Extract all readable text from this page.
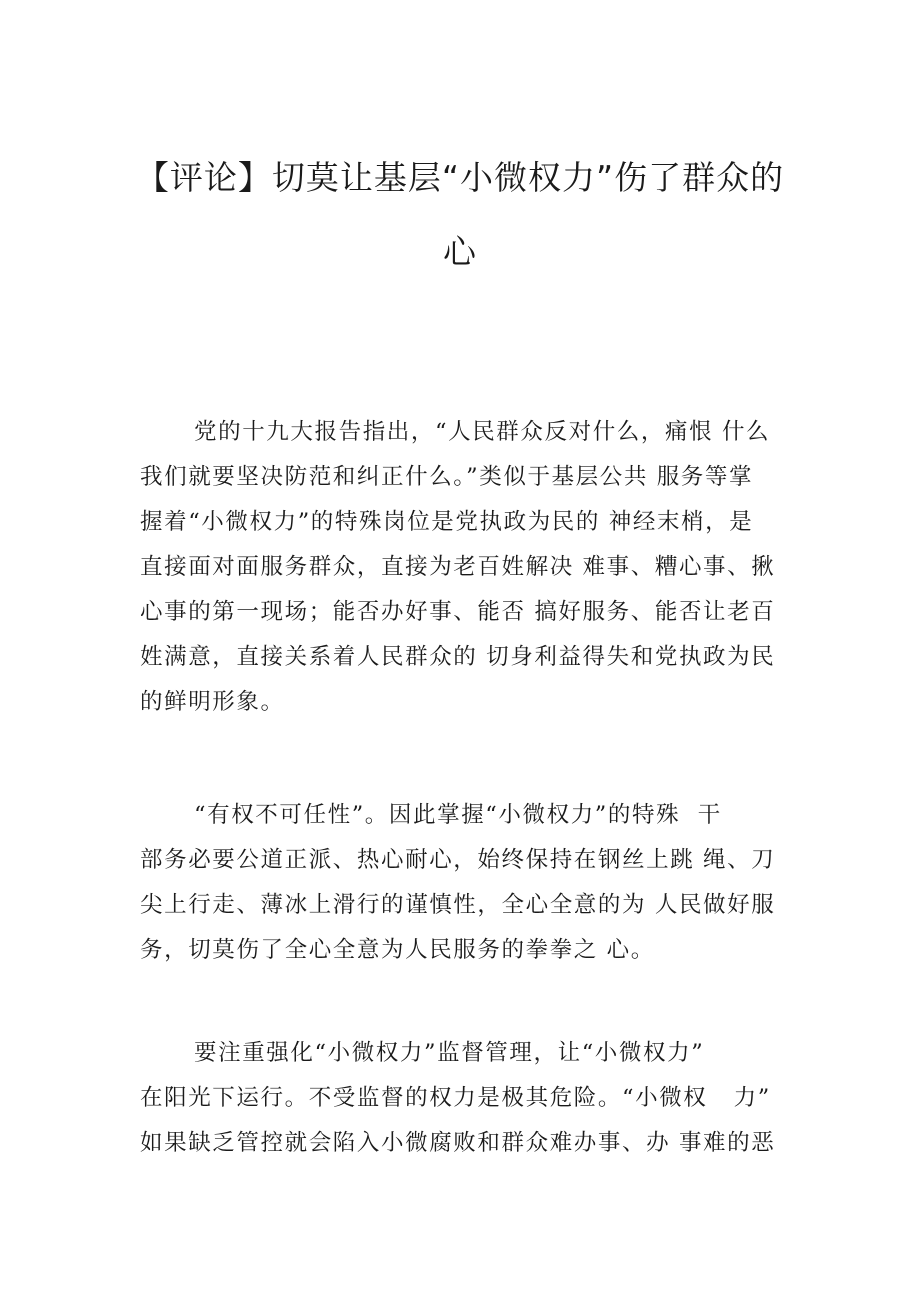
【评论】切莫让基层“小微权力”伤了群众的
心
党的十九大报告指出，“人民群众反对什么，痛恨 什么
我们就要坚决防范和纠正什么。”类似于基层公共 服务等掌
握着“小微权力”的特殊岗位是党执政为民的 神经末梢，是
直接面对面服务群众，直接为老百姓解决 难事、糟心事、揪
心事的第一现场；能否办好事、能否 搞好服务、能否让老百
姓满意，直接关系着人民群众的 切身利益得失和党执政为民
的鲜明形象。
“有权不可任性”。因此掌握“小微权力”的特殊  干
部务必要公道正派、热心耐心，始终保持在钢丝上跳 绳、刀
尖上行走、薄冰上滑行的谨慎性，全心全意的为 人民做好服
务，切莫伤了全心全意为人民服务的拳拳之 心。
要注重强化“小微权力”监督管理，让“小微权力”
在阳光下运行。不受监督的权力是极其危险。“小微权   力”
如果缺乏管控就会陷入小微腐败和群众难办事、办 事难的恶
